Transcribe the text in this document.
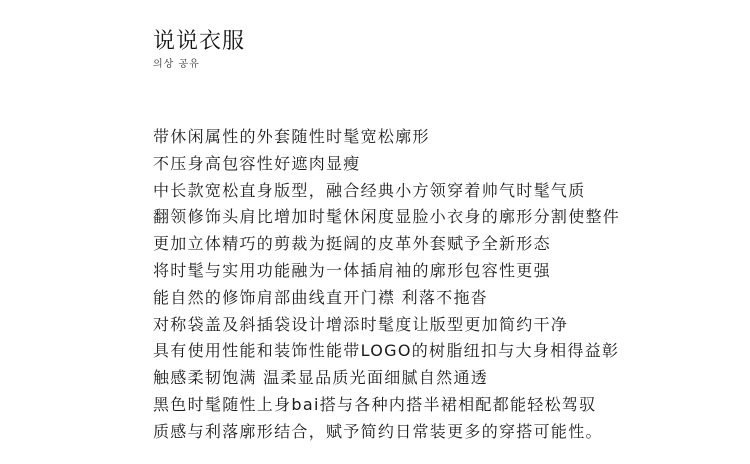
说说衣服
의상 공유
带休闲属性的外套随性时髦宽松廓形
不压身高包容性好遮肉显瘦
中长款宽松直身版型，融合经典小方领穿着帅气时髦气质
翻领修饰头肩比增加时髦休闲度显脸小衣身的廓形分割使整件
更加立体精巧的剪裁为挺阔的皮革外套赋予全新形态
将时髦与实用功能融为一体插肩袖的廓形包容性更强
能自然的修饰肩部曲线直开门襟 利落不拖沓
对称袋盖及斜插袋设计增添时髦度让版型更加简约干净
具有使用性能和装饰性能带LOGO的树脂纽扣与大身相得益彰
触感柔韧饱满 温柔显品质光面细腻自然通透
黑色时髦随性上身bai搭与各种内搭半裙相配都能轻松驾驭
质感与利落廓形结合，赋予简约日常装更多的穿搭可能性。
